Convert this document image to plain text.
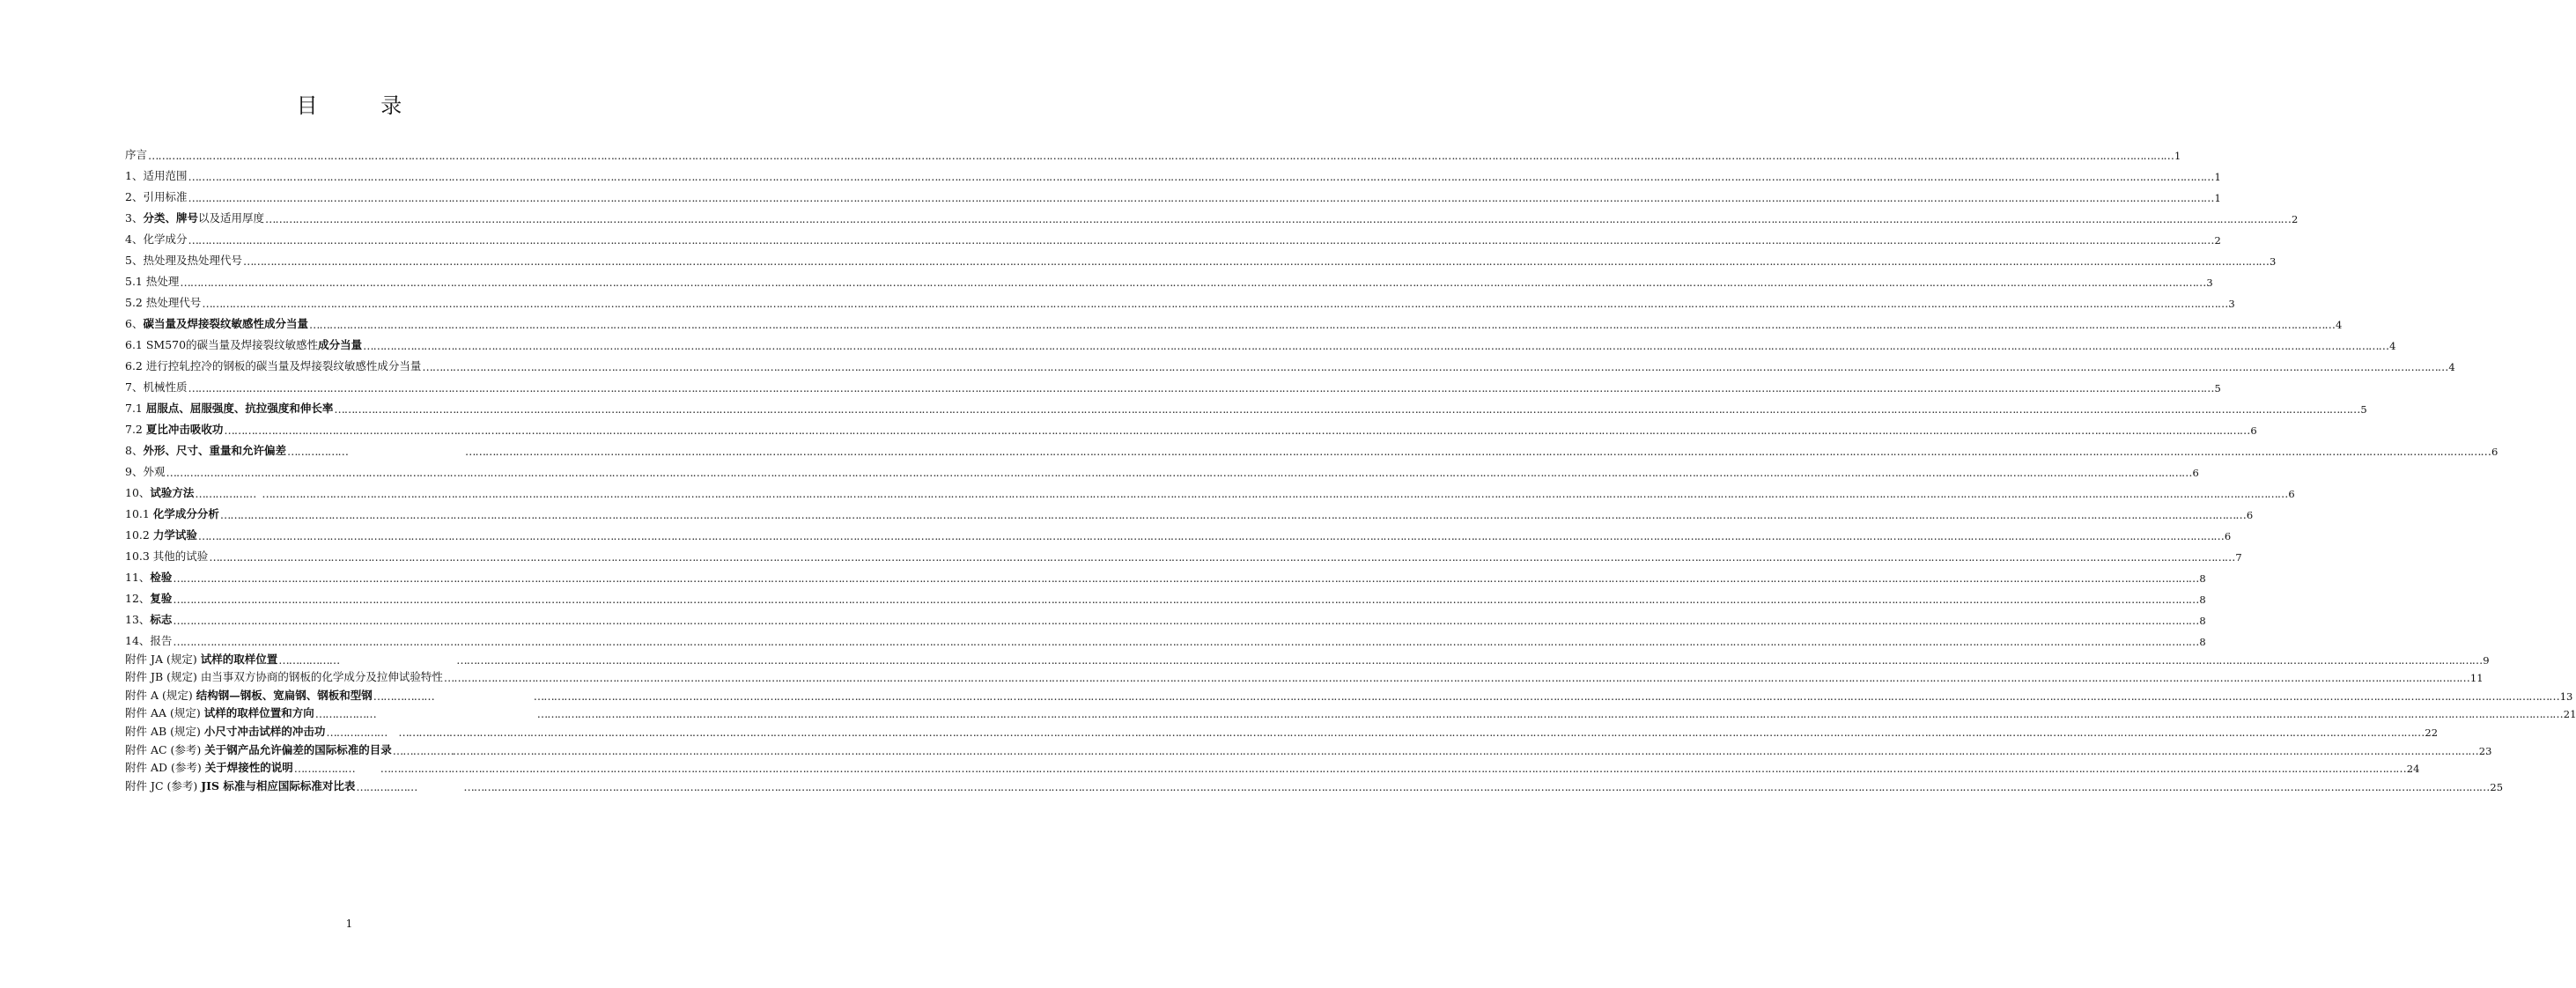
目 录
序言 …………………………………………………………………………………………………………………………………………………………………………………………………………………………………………………………………………………………………………………………………………………………………………………………………………………………………………………………………………………………………………………………………………………… 1
1、适用范围 …………………………………………………………………………………………………………………………………………………………………………………………………………………………………………………………………………………………………………………………………………………………………………………………………………………………………………………………………………………………………………………………………………………… 1
2、引用标准 …………………………………………………………………………………………………………………………………………………………………………………………………………………………………………………………………………………………………………………………………………………………………………………………………………………………………………………………………………………………………………………………………………………… 1
3、分类、牌号以及适用厚度 …………………………………………………………………………………………………………………………………………………………………………………………………………………………………………………………………………………………………………………………………………………………………………………………………………………………………………………………………………………………………………………………………………………… 2
4、化学成分 …………………………………………………………………………………………………………………………………………………………………………………………………………………………………………………………………………………………………………………………………………………………………………………………………………………………………………………………………………………………………………………………………………………… 2
5、热处理及热处理代号 …………………………………………………………………………………………………………………………………………………………………………………………………………………………………………………………………………………………………………………………………………………………………………………………………………………………………………………………………………………………………………………………………………………… 3
5.1 热处理 …………………………………………………………………………………………………………………………………………………………………………………………………………………………………………………………………………………………………………………………………………………………………………………………………………………………………………………………………………………………………………………………………………………… 3
5.2 热处理代号 …………………………………………………………………………………………………………………………………………………………………………………………………………………………………………………………………………………………………………………………………………………………………………………………………………………………………………………………………………………………………………………………………………………… 3
6、碳当量及焊接裂纹敏感性成分当量 …………………………………………………………………………………………………………………………………………………………………………………………………………………………………………………………………………………………………………………………………………………………………………………………………………………………………………………………………………………………………………………………………………………… 4
6.1 SM570的碳当量及焊接裂纹敏感性成分当量 …………………………………………………………………………………………………………………………………………………………………………………………………………………………………………………………………………………………………………………………………………………………………………………………………………………………………………………………………………………………………………………………………………………… 4
6.2 进行控轧控冷的钢板的碳当量及焊接裂纹敏感性成分当量 …………………………………………………………………………………………………………………………………………………………………………………………………………………………………………………………………………………………………………………………………………………………………………………………………………………………………………………………………………………………………………………………………………………… 4
7、机械性质 …………………………………………………………………………………………………………………………………………………………………………………………………………………………………………………………………………………………………………………………………………………………………………………………………………………………………………………………………………………………………………………………………………………… 5
7.1 屈服点、屈服强度、抗拉强度和伸长率 …………………………………………………………………………………………………………………………………………………………………………………………………………………………………………………………………………………………………………………………………………………………………………………………………………………………………………………………………………………………………………………………………………………… 5
7.2 夏比冲击吸收功 …………………………………………………………………………………………………………………………………………………………………………………………………………………………………………………………………………………………………………………………………………………………………………………………………………………………………………………………………………………………………………………………………………………… 6
8、外形、尺寸、重量和允许偏差 ………………	…………………………………………………………………………………………………………………………………………………………………………………………………………………………………………………………………………………………………………………………………………………………………………………………………………………………………………………………………………………………………………………………………………………… 6
9、外观 …………………………………………………………………………………………………………………………………………………………………………………………………………………………………………………………………………………………………………………………………………………………………………………………………………………………………………………………………………………………………………………………………………………… 6
10、试验方法 ……………… …………………………………………………………………………………………………………………………………………………………………………………………………………………………………………………………………………………………………………………………………………………………………………………………………………………………………………………………………………………………………………………………………………………… 6
10.1 化学成分分析 …………………………………………………………………………………………………………………………………………………………………………………………………………………………………………………………………………………………………………………………………………………………………………………………………………………………………………………………………………………………………………………………………………………… 6
10.2 力学试验 …………………………………………………………………………………………………………………………………………………………………………………………………………………………………………………………………………………………………………………………………………………………………………………………………………………………………………………………………………………………………………………………………………………… 6
10.3 其他的试验 …………………………………………………………………………………………………………………………………………………………………………………………………………………………………………………………………………………………………………………………………………………………………………………………………………………………………………………………………………………………………………………………………………………… 7
11、检验 …………………………………………………………………………………………………………………………………………………………………………………………………………………………………………………………………………………………………………………………………………………………………………………………………………………………………………………………………………………………………………………………………………………… 8
12、复验 …………………………………………………………………………………………………………………………………………………………………………………………………………………………………………………………………………………………………………………………………………………………………………………………………………………………………………………………………………………………………………………………………………………… 8
13、标志 …………………………………………………………………………………………………………………………………………………………………………………………………………………………………………………………………………………………………………………………………………………………………………………………………………………………………………………………………………………………………………………………………………………… 8
14、报告 …………………………………………………………………………………………………………………………………………………………………………………………………………………………………………………………………………………………………………………………………………………………………………………………………………………………………………………………………………………………………………………………………………………… 8
附件 JA (规定) 试样的取样位置 ………………	…………………………………………………………………………………………………………………………………………………………………………………………………………………………………………………………………………………………………………………………………………………………………………………………………………………………………………………………………………………………………………………………………………………… 9
附件 JB (规定) 由当事双方协商的钢板的化学成分及拉伸试验特性 …………………………………………………………………………………………………………………………………………………………………………………………………………………………………………………………………………………………………………………………………………………………………………………………………………………………………………………………………………………………………………………………………………………… 11
附件 A (规定) 结构钢—钢板、宽扁钢、钢板和型钢 ………………	…………………………………………………………………………………………………………………………………………………………………………………………………………………………………………………………………………………………………………………………………………………………………………………………………………………………………………………………………………………………………………………………………………………… 13
附件 AA (规定) 试样的取样位置和方向 ………………	…………………………………………………………………………………………………………………………………………………………………………………………………………………………………………………………………………………………………………………………………………………………………………………………………………………………………………………………………………………………………………………………………………………… 21
附件 AB (规定) 小尺寸冲击试样的冲击功 ……………… …………………………………………………………………………………………………………………………………………………………………………………………………………………………………………………………………………………………………………………………………………………………………………………………………………………………………………………………………………………………………………………………………………………… 22
附件 AC (参考) 关于钢产品允许偏差的国际标准的目录 ……………… …………………………………………………………………………………………………………………………………………………………………………………………………………………………………………………………………………………………………………………………………………………………………………………………………………………………………………………………………………………………………………………………………………………… 23
附件 AD (参考) 关于焊接性的说明 ……………… …………………………………………………………………………………………………………………………………………………………………………………………………………………………………………………………………………………………………………………………………………………………………………………………………………………………………………………………………………………………………………………………………………………… 24
附件 JC (参考) JIS 标准与相应国际标准对比表 ………………	…………………………………………………………………………………………………………………………………………………………………………………………………………………………………………………………………………………………………………………………………………………………………………………………………………………………………………………………………………………………………………………………………………………… 25
1
